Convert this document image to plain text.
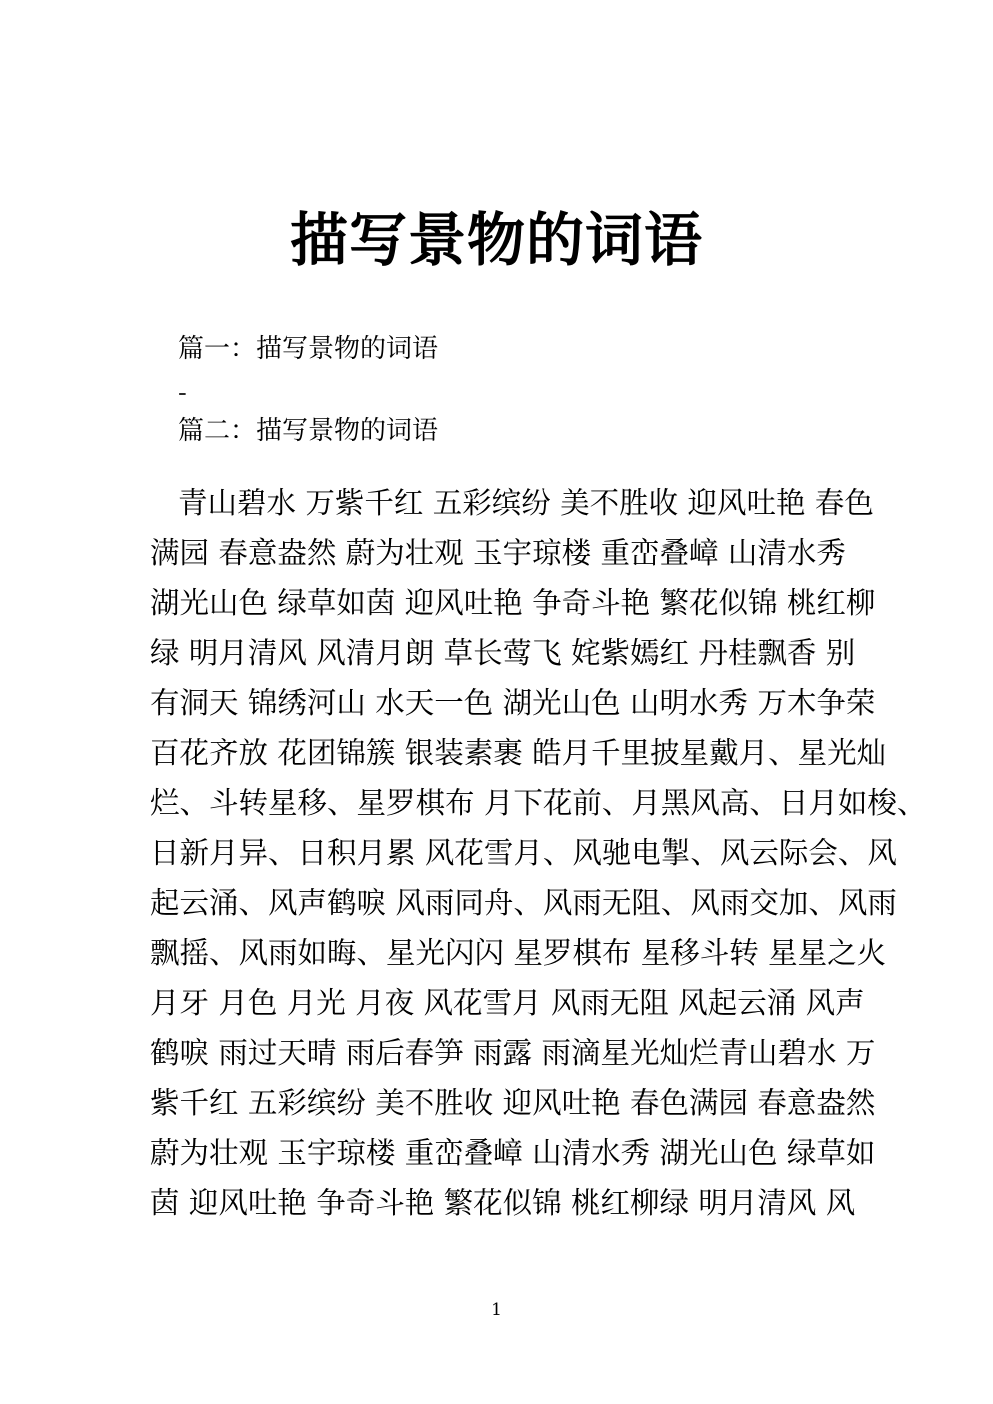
描写景物的词语

篇一：描写景物的词语

-

篇二：描写景物的词语

青山碧水 万紫千红 五彩缤纷 美不胜收 迎风吐艳 春色
满园 春意盎然 蔚为壮观 玉宇琼楼 重峦叠嶂 山清水秀
湖光山色 绿草如茵 迎风吐艳 争奇斗艳 繁花似锦 桃红柳
绿 明月清风 风清月朗 草长莺飞 姹紫嫣红 丹桂飘香 别
有洞天 锦绣河山 水天一色 湖光山色 山明水秀 万木争荣
百花齐放 花团锦簇 银装素裹 皓月千里披星戴月、星光灿
烂、斗转星移、星罗棋布 月下花前、月黑风高、日月如梭、
日新月异、日积月累 风花雪月、风驰电掣、风云际会、风
起云涌、风声鹤唳 风雨同舟、风雨无阻、风雨交加、风雨
飘摇、风雨如晦、星光闪闪 星罗棋布 星移斗转 星星之火
月牙 月色 月光 月夜 风花雪月 风雨无阻 风起云涌 风声
鹤唳 雨过天晴 雨后春笋 雨露 雨滴星光灿烂青山碧水 万
紫千红 五彩缤纷 美不胜收 迎风吐艳 春色满园 春意盎然
蔚为壮观 玉宇琼楼 重峦叠嶂 山清水秀 湖光山色 绿草如
茵 迎风吐艳 争奇斗艳 繁花似锦 桃红柳绿 明月清风 风
1
